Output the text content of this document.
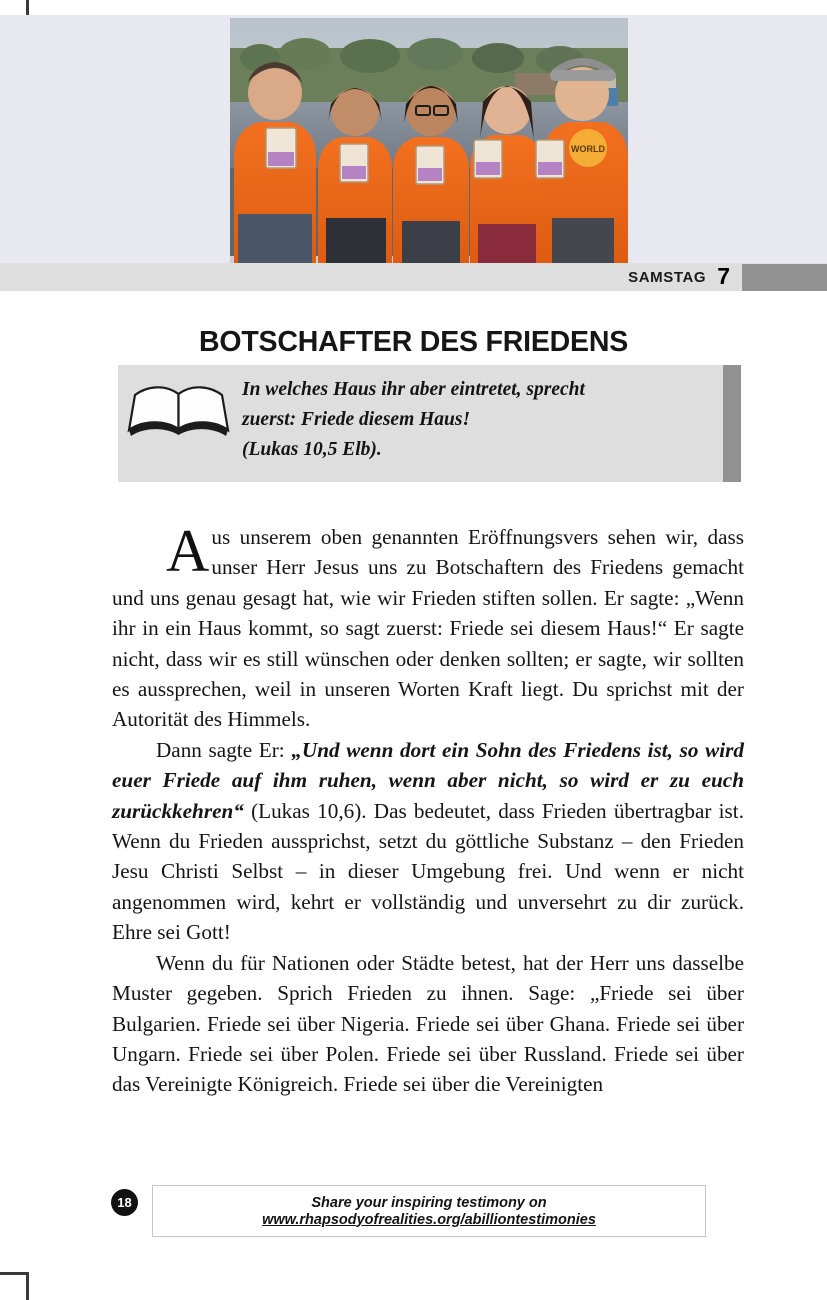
WORLD
SAMSTAG 7
BOTSCHAFTER DES FRIEDENS
In welches Haus ihr aber eintretet, sprecht
zuerst: Friede diesem Haus!
(Lukas 10,5 Elb).

Aus unserem oben genannten Eröffnungsvers sehen wir, dass unser Herr Jesus uns zu Botschaftern des Friedens gemacht und uns genau gesagt hat, wie wir Frieden stiften sollen. Er sagte: „Wenn ihr in ein Haus kommt, so sagt zuerst: Friede sei diesem Haus!“ Er sagte nicht, dass wir es still wünschen oder denken sollten; er sagte, wir sollten es aussprechen, weil in unseren Worten Kraft liegt. Du sprichst mit der Autorität des Himmels.

Dann sagte Er: „Und wenn dort ein Sohn des Friedens ist, so wird euer Friede auf ihm ruhen, wenn aber nicht, so wird er zu euch zurückkehren“ (Lukas 10,6). Das bedeutet, dass Frieden übertragbar ist. Wenn du Frieden aussprichst, setzt du göttliche Substanz – den Frieden Jesu Christi Selbst – in dieser Umgebung frei. Und wenn er nicht angenommen wird, kehrt er vollständig und unversehrt zu dir zurück. Ehre sei Gott!

Wenn du für Nationen oder Städte betest, hat der Herr uns dasselbe Muster gegeben. Sprich Frieden zu ihnen. Sage: „Friede sei über Bulgarien. Friede sei über Nigeria. Friede sei über Ghana. Friede sei über Ungarn. Friede sei über Polen. Friede sei über Russland. Friede sei über das Vereinigte Königreich. Friede sei über die Vereinigten

18	Share your inspiring testimony on
www.rhapsodyofrealities.org/abilliontestimonies
